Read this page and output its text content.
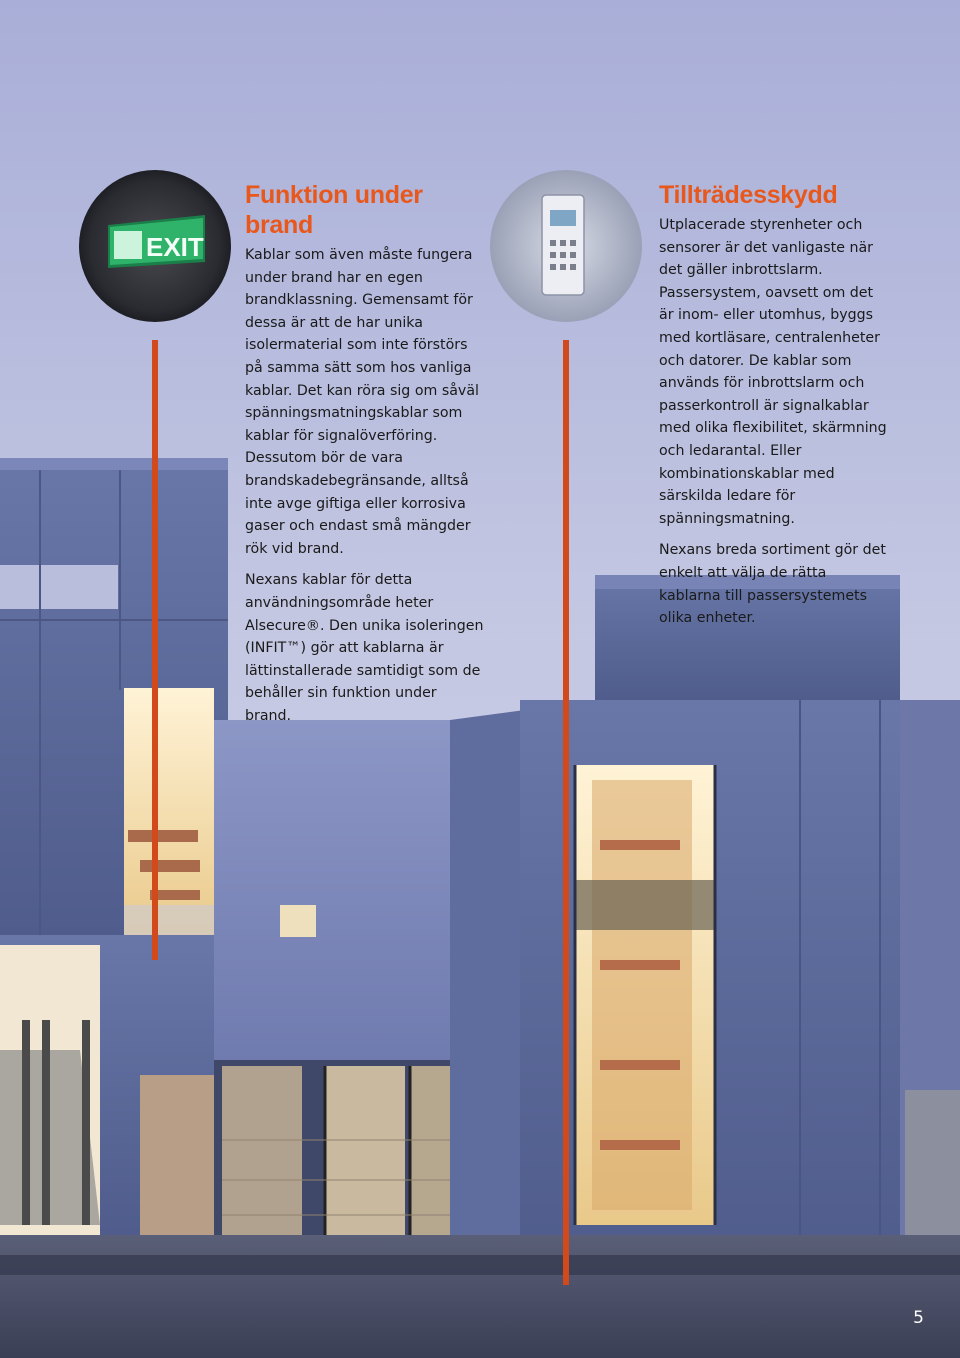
EXIT
Funktion under brand

Kablar som även måste fungera under brand har en egen brandklassning. Gemensamt för dessa är att de har unika isolermaterial som inte förstörs på samma sätt som hos vanliga kablar. Det kan röra sig om såväl spänningsmatningskablar som kablar för signalöverföring. Dessutom bör de vara brandskadebegränsande, alltså inte avge giftiga eller korrosiva gaser och endast små mängder rök vid brand.

Nexans kablar för detta användningsområde heter Alsecure®. Den unika isoleringen (INFIT™) gör att kablarna är lättinstallerade samtidigt som de behåller sin funktion under brand.

Tillträdesskydd

Utplacerade styrenheter och sensorer är det vanligaste när det gäller inbrottslarm. Passersystem, oavsett om det är inom- eller utomhus, byggs med kortläsare, centralenheter och datorer. De kablar som används för inbrottslarm och passerkontroll är signalkablar med olika flexibilitet, skärmning och ledarantal. Eller kombinationskablar med särskilda ledare för spänningsmatning.

Nexans breda sortiment gör det enkelt att välja de rätta kablarna till passersystemets olika enheter.

5
